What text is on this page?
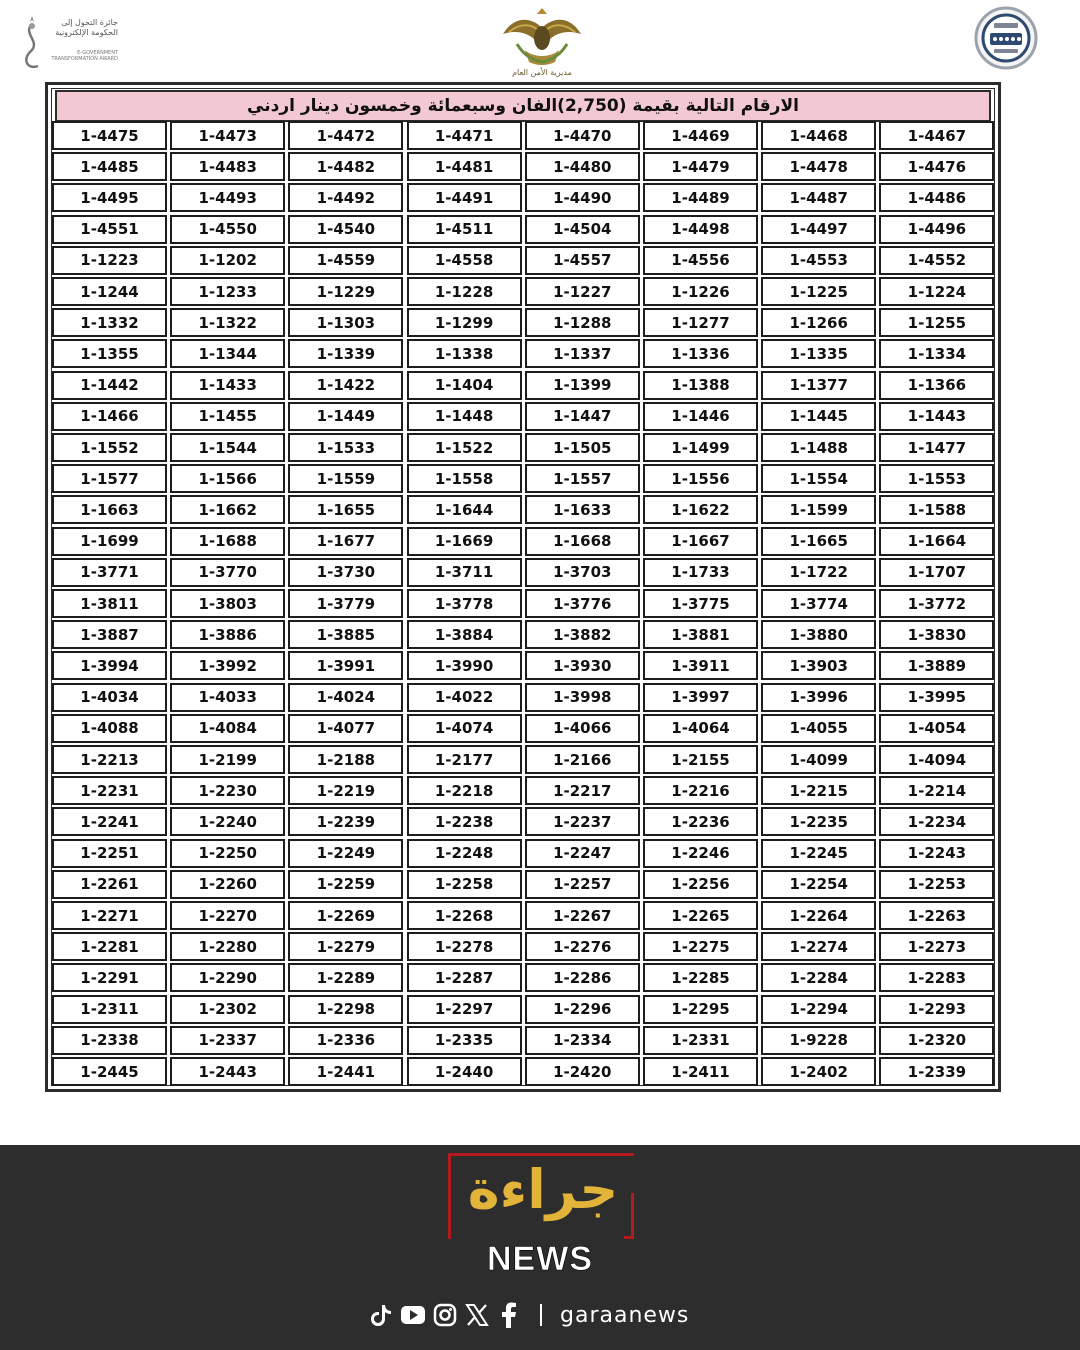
جائزة التحول إلى الحكومة الإلكترونية
E-GOVERNMENT TRANSFORMATION AWARD
مديرية الأمن العام
الارقام التالية بقيمة (2,750)الفان وسبعمائة وخمسون دينار اردني
1-4475	1-4473	1-4472	1-4471	1-4470	1-4469	1-4468	1-4467
1-4485	1-4483	1-4482	1-4481	1-4480	1-4479	1-4478	1-4476
1-4495	1-4493	1-4492	1-4491	1-4490	1-4489	1-4487	1-4486
1-4551	1-4550	1-4540	1-4511	1-4504	1-4498	1-4497	1-4496
1-1223	1-1202	1-4559	1-4558	1-4557	1-4556	1-4553	1-4552
1-1244	1-1233	1-1229	1-1228	1-1227	1-1226	1-1225	1-1224
1-1332	1-1322	1-1303	1-1299	1-1288	1-1277	1-1266	1-1255
1-1355	1-1344	1-1339	1-1338	1-1337	1-1336	1-1335	1-1334
1-1442	1-1433	1-1422	1-1404	1-1399	1-1388	1-1377	1-1366
1-1466	1-1455	1-1449	1-1448	1-1447	1-1446	1-1445	1-1443
1-1552	1-1544	1-1533	1-1522	1-1505	1-1499	1-1488	1-1477
1-1577	1-1566	1-1559	1-1558	1-1557	1-1556	1-1554	1-1553
1-1663	1-1662	1-1655	1-1644	1-1633	1-1622	1-1599	1-1588
1-1699	1-1688	1-1677	1-1669	1-1668	1-1667	1-1665	1-1664
1-3771	1-3770	1-3730	1-3711	1-3703	1-1733	1-1722	1-1707
1-3811	1-3803	1-3779	1-3778	1-3776	1-3775	1-3774	1-3772
1-3887	1-3886	1-3885	1-3884	1-3882	1-3881	1-3880	1-3830
1-3994	1-3992	1-3991	1-3990	1-3930	1-3911	1-3903	1-3889
1-4034	1-4033	1-4024	1-4022	1-3998	1-3997	1-3996	1-3995
1-4088	1-4084	1-4077	1-4074	1-4066	1-4064	1-4055	1-4054
1-2213	1-2199	1-2188	1-2177	1-2166	1-2155	1-4099	1-4094
1-2231	1-2230	1-2219	1-2218	1-2217	1-2216	1-2215	1-2214
1-2241	1-2240	1-2239	1-2238	1-2237	1-2236	1-2235	1-2234
1-2251	1-2250	1-2249	1-2248	1-2247	1-2246	1-2245	1-2243
1-2261	1-2260	1-2259	1-2258	1-2257	1-2256	1-2254	1-2253
1-2271	1-2270	1-2269	1-2268	1-2267	1-2265	1-2264	1-2263
1-2281	1-2280	1-2279	1-2278	1-2276	1-2275	1-2274	1-2273
1-2291	1-2290	1-2289	1-2287	1-2286	1-2285	1-2284	1-2283
1-2311	1-2302	1-2298	1-2297	1-2296	1-2295	1-2294	1-2293
1-2338	1-2337	1-2336	1-2335	1-2334	1-2331	1-9228	1-2320
1-2445	1-2443	1-2441	1-2440	1-2420	1-2411	1-2402	1-2339
جراءة
NEWS
garaanews
